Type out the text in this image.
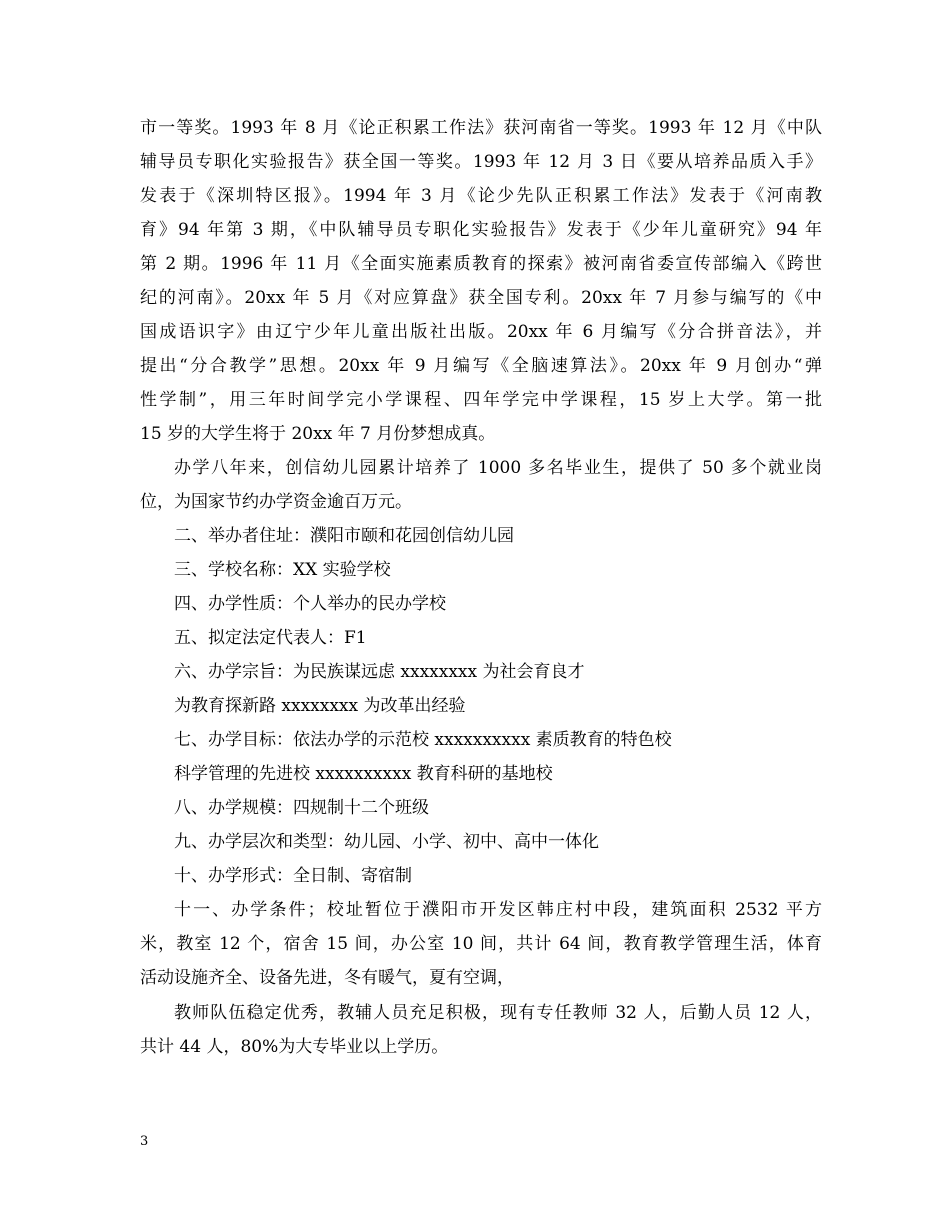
市一等奖。1993 年 8 月《论正积累工作法》获河南省一等奖。1993 年 12 月《中队
辅导员专职化实验报告》获全国一等奖。1993 年 12 月 3 日《要从培养品质入手》
发表于《深圳特区报》。1994 年 3 月《论少先队正积累工作法》发表于《河南教
育》94 年第 3 期，《中队辅导员专职化实验报告》发表于《少年儿童研究》94 年
第 2 期。1996 年 11 月《全面实施素质教育的探索》被河南省委宣传部编入《跨世
纪的河南》。20xx 年 5 月《对应算盘》获全国专利。20xx 年 7 月参与编写的《中
国成语识字》由辽宁少年儿童出版社出版。20xx 年 6 月编写《分合拼音法》，并
提出“分合教学”思想。20xx 年 9 月编写《全脑速算法》。20xx 年 9 月创办“弹
性学制”，用三年时间学完小学课程、四年学完中学课程，15 岁上大学。第一批
15 岁的大学生将于 20xx 年 7 月份梦想成真。
办学八年来，创信幼儿园累计培养了 1000 多名毕业生，提供了 50 多个就业岗
位，为国家节约办学资金逾百万元。
二、举办者住址：濮阳市颐和花园创信幼儿园
三、学校名称：XX 实验学校
四、办学性质：个人举办的民办学校
五、拟定法定代表人：F1
六、办学宗旨：为民族谋远虑 xxxxxxxx 为社会育良才
为教育探新路 xxxxxxxx 为改革出经验
七、办学目标：依法办学的示范校 xxxxxxxxxx 素质教育的特色校
科学管理的先进校 xxxxxxxxxx 教育科研的基地校
八、办学规模：四规制十二个班级
九、办学层次和类型：幼儿园、小学、初中、高中一体化
十、办学形式：全日制、寄宿制
十一、办学条件；校址暂位于濮阳市开发区韩庄村中段，建筑面积 2532 平方
米，教室 12 个，宿舍 15 间，办公室 10 间，共计 64 间，教育教学管理生活，体育
活动设施齐全、设备先进，冬有暖气，夏有空调，
教师队伍稳定优秀，教辅人员充足积极，现有专任教师 32 人，后勤人员 12 人，
共计 44 人，80%为大专毕业以上学历。
3
